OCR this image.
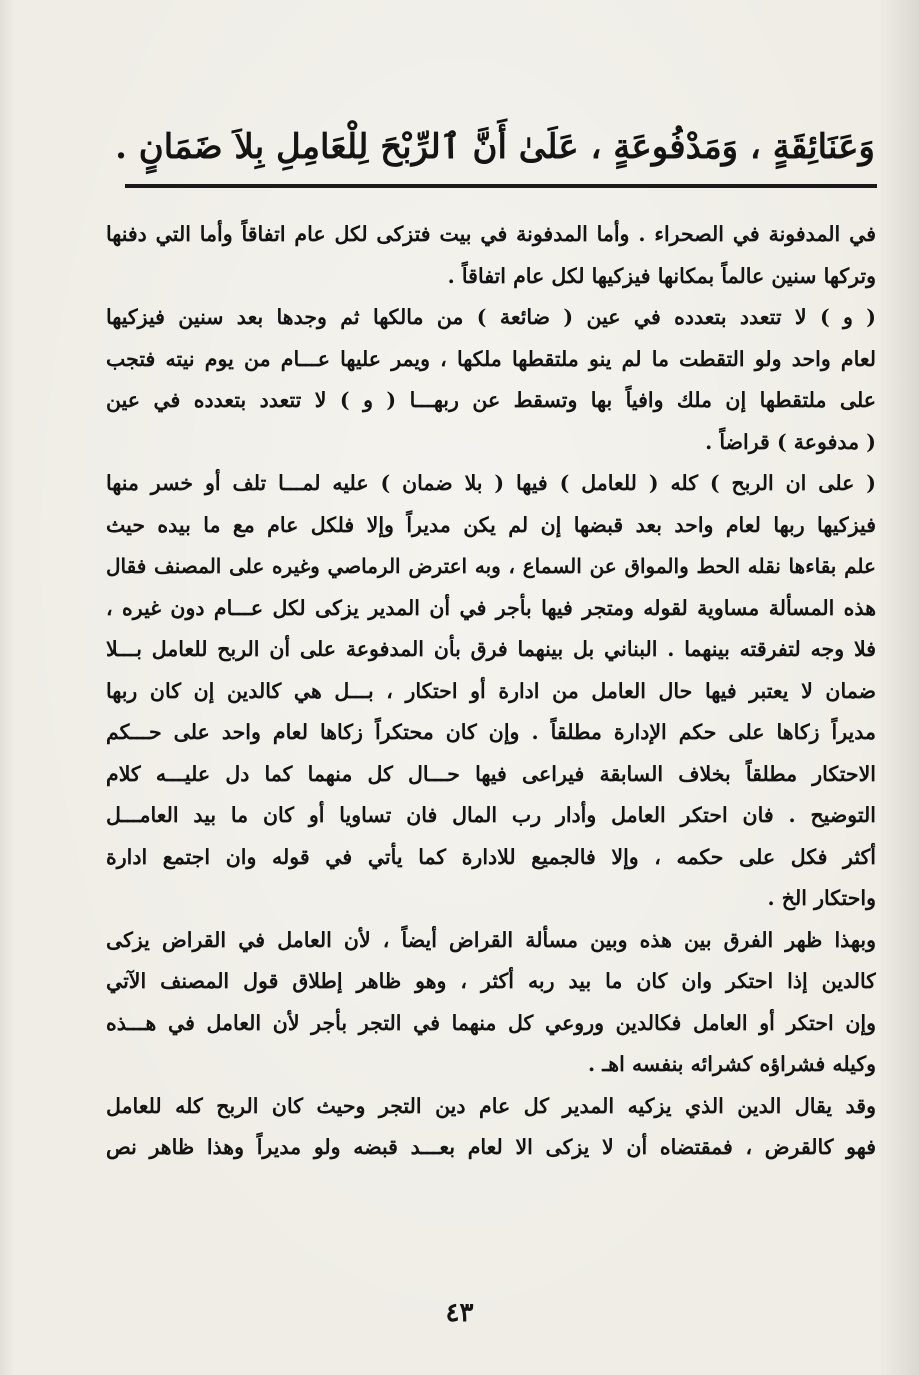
وَعَنَائِقَةٍ ، وَمَدْفُوعَةٍ ، عَلَىٰ أَنَّ ٱلرِّبْحَ لِلْعَامِلِ بِلاَ ضَمَانٍ .
في المدفونة في الصحراء . وأما المدفونة في بيت فتزكى لكل عام اتفاقاً وأما التي دفنها
وتركها سنين عالماً بمكانها فيزكيها لكل عام اتفاقاً .
( و ) لا تتعدد بتعدده في عين ( ضائعة ) من مالكها ثم وجدها بعد سنين فيزكيها
لعام واحد ولو التقطت ما لم ينو ملتقطها ملكها ، ويمر عليها عـــام من يوم نيته فتجب
على ملتقطها إن ملك وافياً بها وتسقط عن ربهـــا ( و ) لا تتعدد بتعدده في عين
( مدفوعة ) قراضاً .
( على ان الربح ) كله ( للعامل ) فيها ( بلا ضمان ) عليه لمـــا تلف أو خسر منها
فيزكيها ربها لعام واحد بعد قبضها إن لم يكن مديراً وإلا فلكل عام مع ما بيده حيث
علم بقاءها نقله الحط والمواق عن السماع ، وبه اعترض الرماصي وغيره على المصنف فقال
هذه المسألة مساوية لقوله ومتجر فيها بأجر في أن المدير يزكى لكل عـــام دون غيره ،
فلا وجه لتفرقته بينهما . البناني بل بينهما فرق بأن المدفوعة على أن الربح للعامل بـــلا
ضمان لا يعتبر فيها حال العامل من ادارة أو احتكار ، بـــل هي كالدين إن كان ربها
مديراً زكاها على حكم الإدارة مطلقاً . وإن كان محتكراً زكاها لعام واحد على حـــكم
الاحتكار مطلقاً بخلاف السابقة فيراعى فيها حـــال كل منهما كما دل عليـــه كلام
التوضيح . فان احتكر العامل وأدار رب المال فان تساويا أو كان ما بيد العامـــل
أكثر فكل على حكمه ، وإلا فالجميع للادارة كما يأتي في قوله وان اجتمع ادارة
واحتكار الخ .
وبهذا ظهر الفرق بين هذه وبين مسألة القراض أيضاً ، لأن العامل في القراض يزكى
كالدين إذا احتكر وان كان ما بيد ربه أكثر ، وهو ظاهر إطلاق قول المصنف الآتي
وإن احتكر أو العامل فكالدين وروعي كل منهما في التجر بأجر لأن العامل في هـــذه
وكيله فشراؤه كشرائه بنفسه اهـ .
وقد يقال الدين الذي يزكيه المدير كل عام دين التجر وحيث كان الربح كله للعامل
فهو كالقرض ، فمقتضاه أن لا يزكى الا لعام بعـــد قبضه ولو مديراً وهذا ظاهر نص
٤٣
